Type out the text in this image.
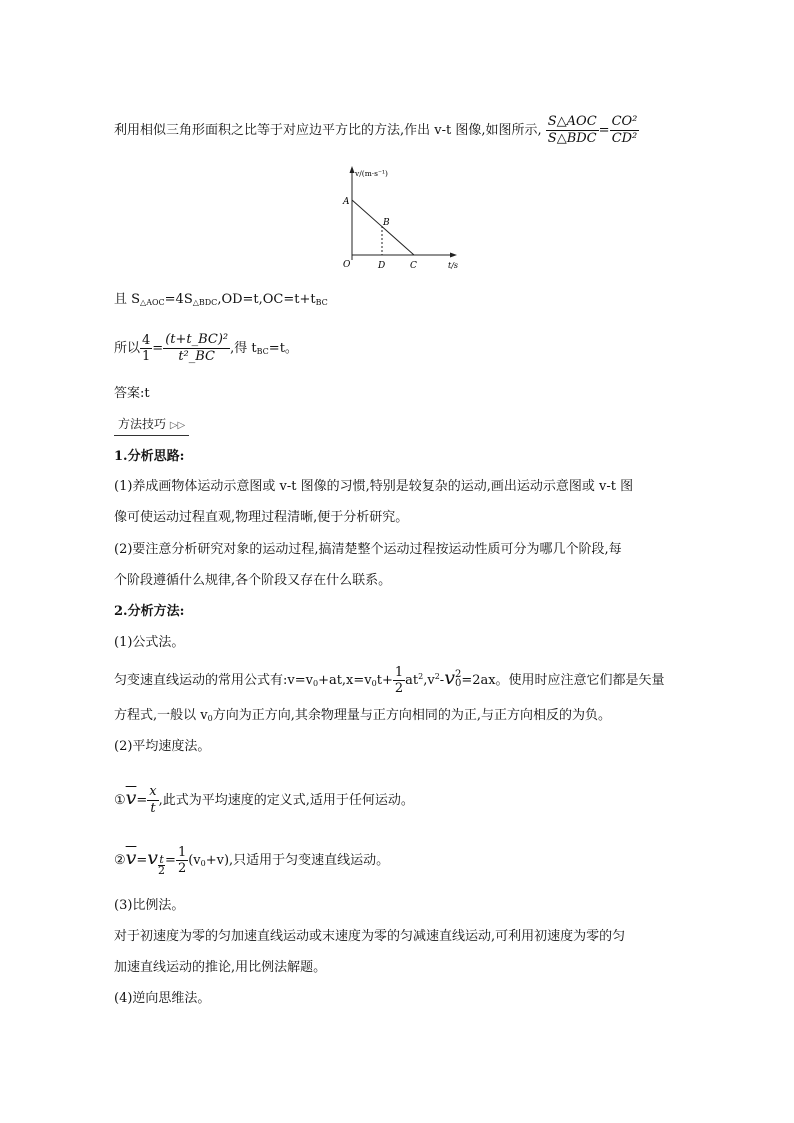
利用相似三角形面积之比等于对应边平方比的方法,作出 v-t 图像,如图所示, $\frac{\text{S△AOC}}{\text{S△BDC}} = \frac{\text{CO²}}{\text{CD²}}$
v/(m·s⁻¹)
t/s
A
B
O	D	C
且 $S_{\triangle AOC}=4S_{\triangle BDC},OD=t,OC=t+t_{BC}$
所以 $\frac{4}{1} = \frac{\text{(t+t\_BC)²}}{\text{t²\_BC}}$ ,得 $t_{BC}=t$。
答案:t
方法技巧 ▷▷
1.分析思路:
(1)养成画物体运动示意图或 v-t 图像的习惯,特别是较复杂的运动,画出运动示意图或 v-t 图
像可使运动过程直观,物理过程清晰,便于分析研究。
(2)要注意分析研究对象的运动过程,搞清楚整个运动过程按运动性质可分为哪几个阶段,每
个阶段遵循什么规律,各个阶段又存在什么联系。
2.分析方法:
(1)公式法。
匀变速直线运动的常用公式有$:v=v_0+at,x=v_0t+ \frac{1}{2} at^2,v^2-v$ 2
0 =2ax。使用时应注意它们都是矢量
方程式,一般以 $v_0$方向为正方向,其余物理量与正方向相同的为正,与正方向相反的为负。
(2)平均速度法。
$①\overline{v}= \frac{x}{t}$ ,此式为平均速度的定义式,适用于任何运动。
$②\overline{v}=v \frac{t}{2} = \frac{1}{2} (v_0+v)$,只适用于匀变速直线运动。
(3)比例法。
对于初速度为零的匀加速直线运动或末速度为零的匀减速直线运动,可利用初速度为零的匀
加速直线运动的推论,用比例法解题。
(4)逆向思维法。
